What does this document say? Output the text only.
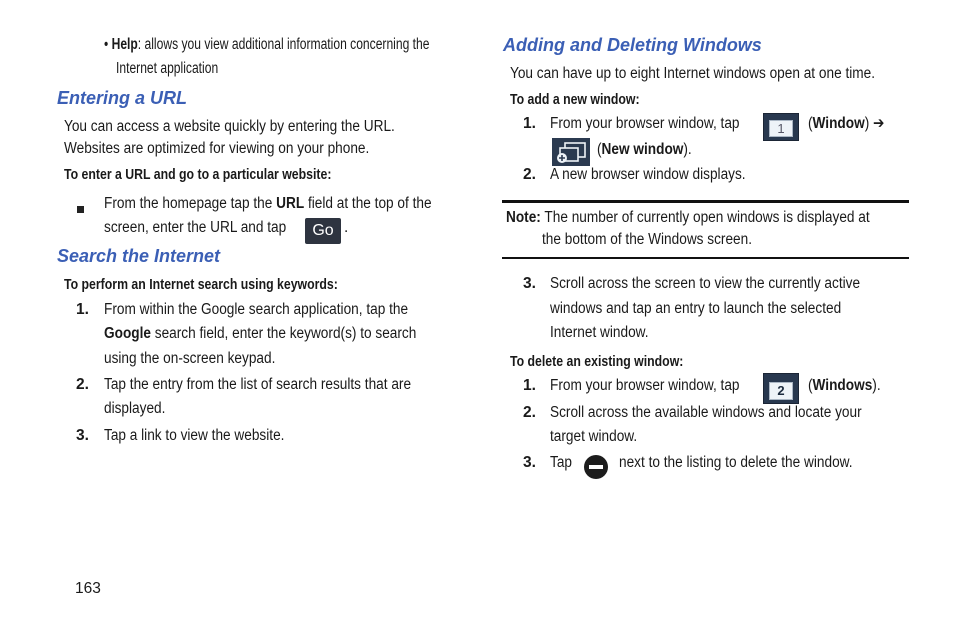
• Help: allows you view additional information concerning the
Internet application
Entering a URL
You can access a website quickly by entering the URL.
Websites are optimized for viewing on your phone.
To enter a URL and go to a particular website:
From the homepage tap the URL field at the top of the
screen, enter the URL and tap	Go .
Search the Internet
To perform an Internet search using keywords:
1. From within the Google search application, tap the
Google search field, enter the keyword(s) to search
using the on-screen keypad.
2. Tap the entry from the list of search results that are
displayed.
3. Tap a link to view the website.
Adding and Deleting Windows
You can have up to eight Internet windows open at one time.
To add a new window:
1. From your browser window, tap	1	(Window) ➔
(New window).
2. A new browser window displays.
Note: The number of currently open windows is displayed at
the bottom of the Windows screen.
3. Scroll across the screen to view the currently active
windows and tap an entry to launch the selected
Internet window.
To delete an existing window:
1. From your browser window, tap	2	(Windows).
2. Scroll across the available windows and locate your
target window.
3. Tap	next to the listing to delete the window.
163
